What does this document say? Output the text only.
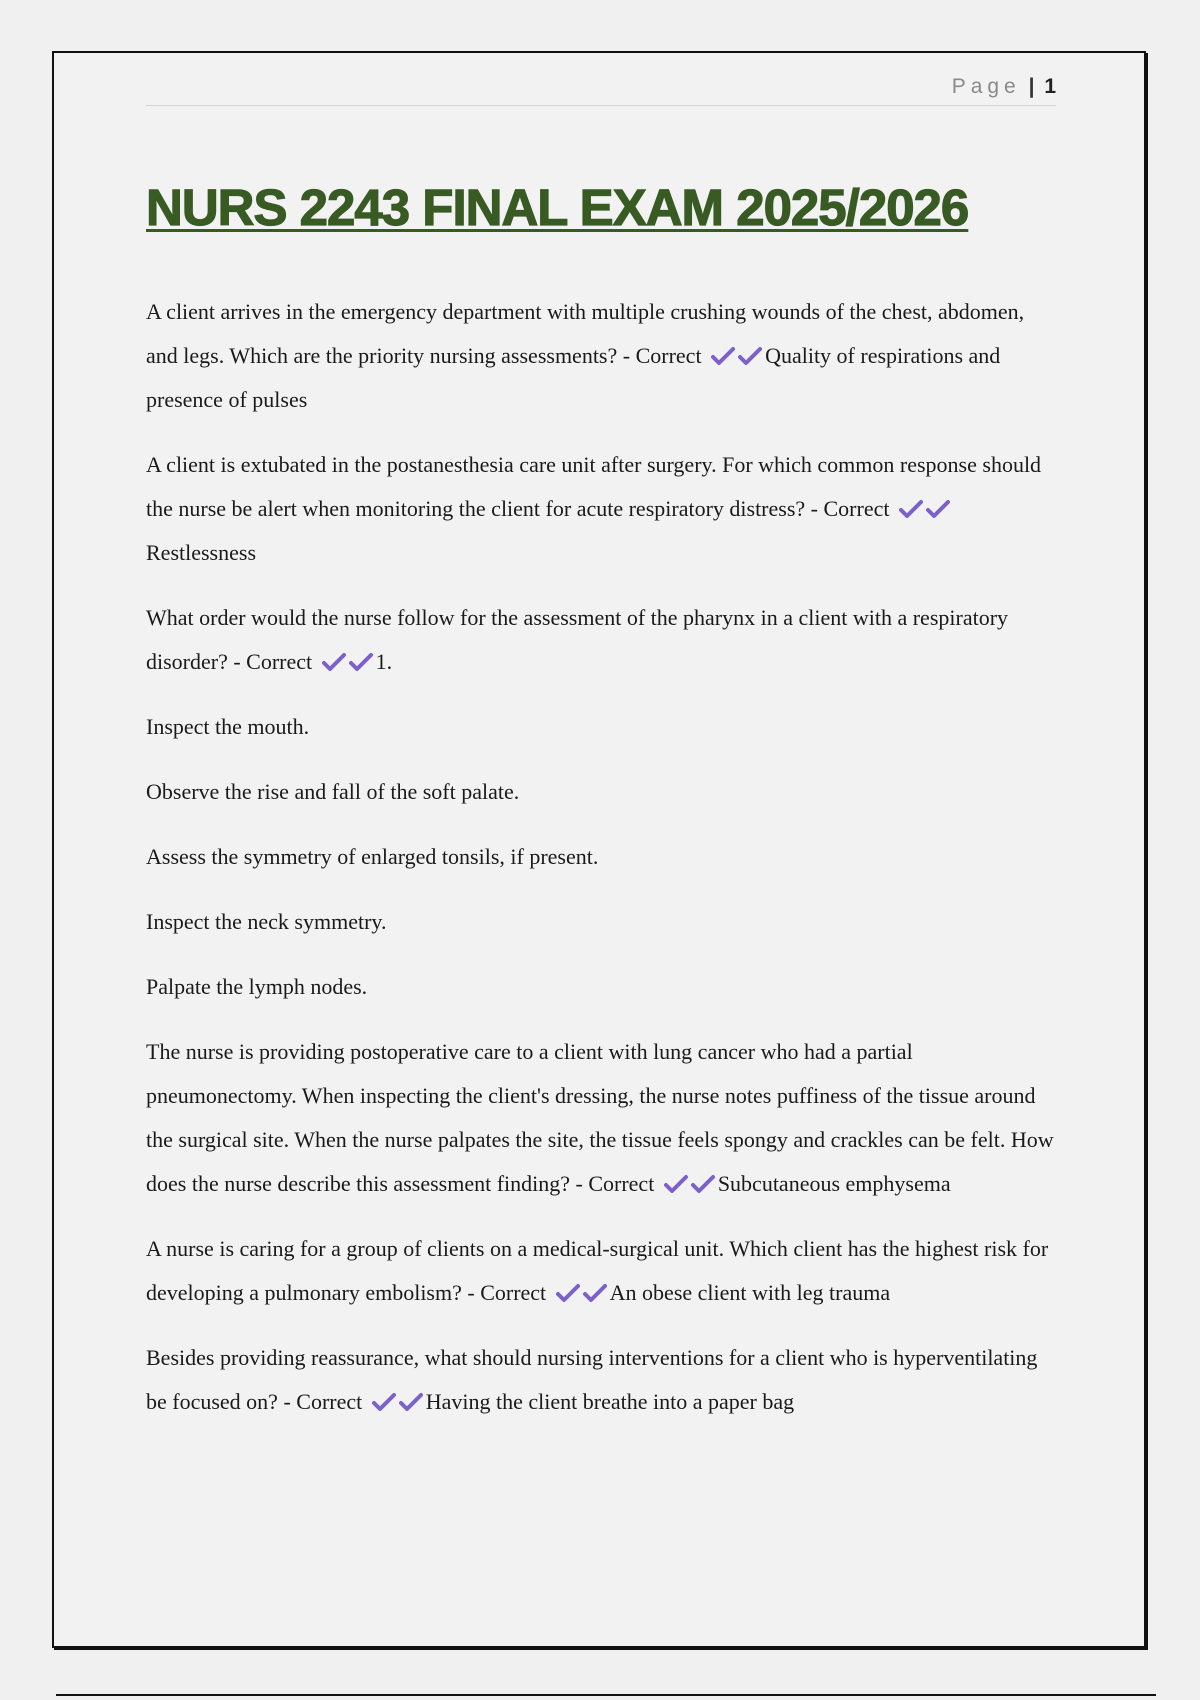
Page | 1
NURS 2243 FINAL EXAM 2025/2026

A client arrives in the emergency department with multiple crushing wounds of the chest, abdomen, and legs. Which are the priority nursing assessments? - Correct	Quality of respirations and presence of pulses

A client is extubated in the postanesthesia care unit after surgery. For which common response should the nurse be alert when monitoring the client for acute respiratory distress? - Correct Restlessness

What order would the nurse follow for the assessment of the pharynx in a client with a respiratory disorder? - Correct	1.

Inspect the mouth.

Observe the rise and fall of the soft palate.

Assess the symmetry of enlarged tonsils, if present.

Inspect the neck symmetry.

Palpate the lymph nodes.

The nurse is providing postoperative care to a client with lung cancer who had a partial pneumonectomy. When inspecting the client's dressing, the nurse notes puffiness of the tissue around the surgical site. When the nurse palpates the site, the tissue feels spongy and crackles can be felt. How does the nurse describe this assessment finding? - Correct	Subcutaneous emphysema

A nurse is caring for a group of clients on a medical-surgical unit. Which client has the highest risk for developing a pulmonary embolism? - Correct	An obese client with leg trauma

Besides providing reassurance, what should nursing interventions for a client who is hyperventilating be focused on? - Correct	Having the client breathe into a paper bag
